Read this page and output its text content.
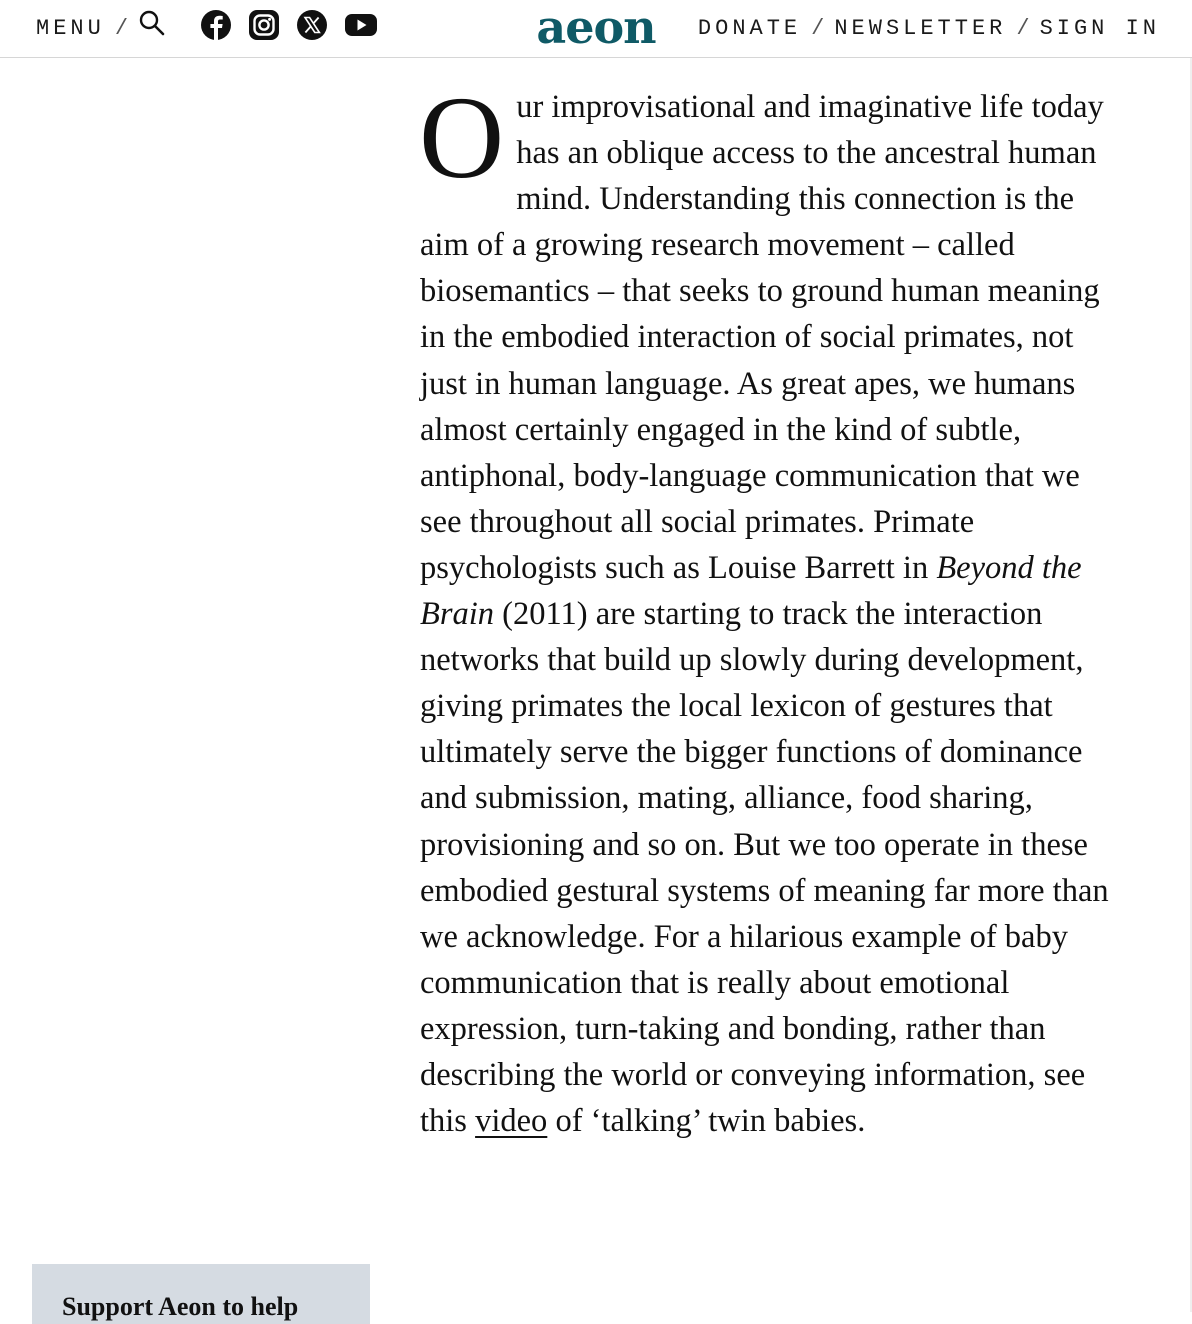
MENU /	aeon DONATE / NEWSLETTER / SIGN IN
Our improvisational and imaginative life today has an oblique access to the ancestral human mind. Understanding this connection is the aim of a growing research movement – called biosemantics – that seeks to ground human meaning in the embodied interaction of social primates, not just in human language. As great apes, we humans almost certainly engaged in the kind of subtle, antiphonal, body-language communication that we see throughout all social primates. Primate psychologists such as Louise Barrett in Beyond the Brain (2011) are starting to track the interaction networks that build up slowly during development, giving primates the local lexicon of gestures that ultimately serve the bigger functions of dominance and submission, mating, alliance, food sharing, provisioning and so on. But we too operate in these embodied gestural systems of meaning far more than we acknowledge. For a hilarious example of baby communication that is really about emotional expression, turn-taking and bonding, rather than describing the world or conveying information, see this video of ‘talking’ twin babies.
Support Aeon to help
